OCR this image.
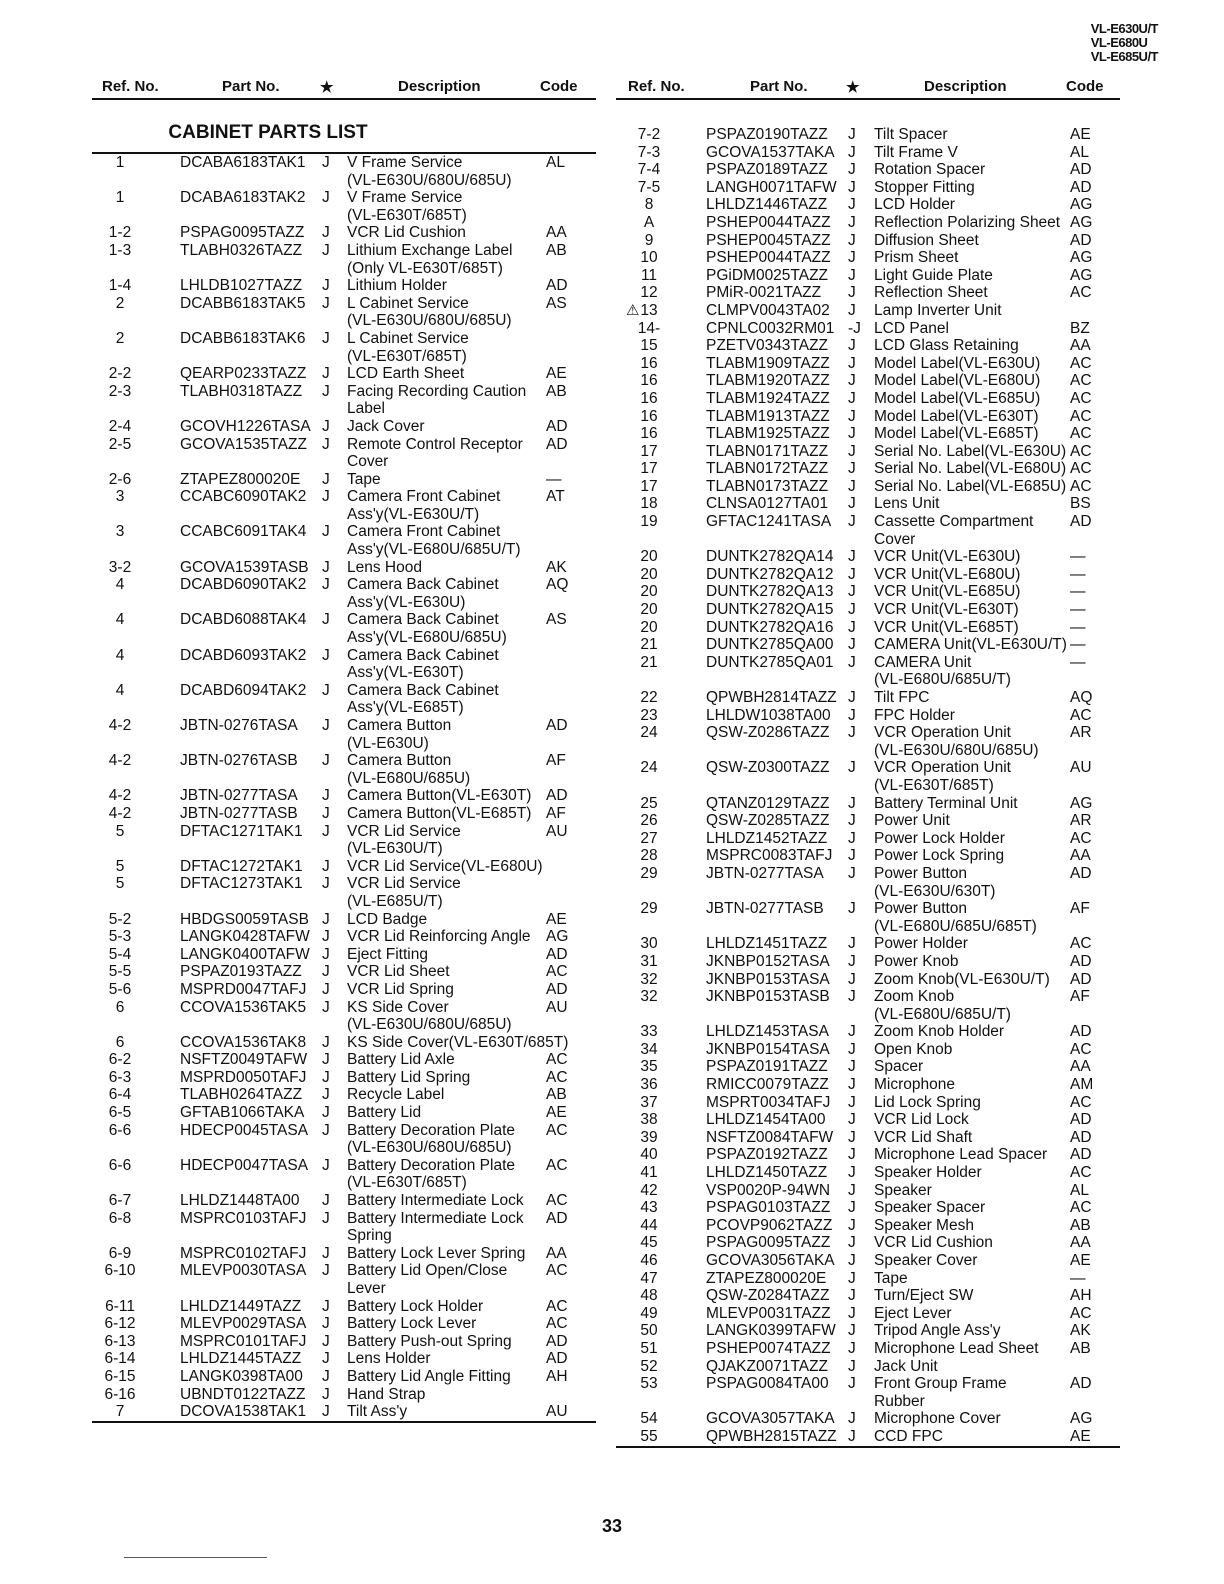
VL-E630U/T
VL-E680U
VL-E685U/T
Ref. No.	Part No.	★	Description	Code
CABINET PARTS LIST
1	DCABA6183TAK1 J V Frame Service	AL
(VL-E630U/680U/685U)
1	DCABA6183TAK2 J V Frame Service
(VL-E630T/685T)
1-2	PSPAG0095TAZZ J VCR Lid Cushion	AA
1-3	TLABH0326TAZZ J Lithium Exchange Label AB
(Only VL-E630T/685T)
1-4	LHLDB1027TAZZ J Lithium Holder	AD
2	DCABB6183TAK5 J L Cabinet Service	AS
(VL-E630U/680U/685U)
2	DCABB6183TAK6 J L Cabinet Service
(VL-E630T/685T)
2-2	QEARP0233TAZZ J LCD Earth Sheet	AE
2-3	TLABH0318TAZZ J Facing Recording Caution AB
Label
2-4	GCOVH1226TASA J Jack Cover	AD
2-5	GCOVA1535TAZZ J Remote Control Receptor AD
Cover
2-6	ZTAPEZ800020E J Tape	—
3	CCABC6090TAK2 J Camera Front Cabinet	AT
Ass'y(VL-E630U/T)
3	CCABC6091TAK4 J Camera Front Cabinet
Ass'y(VL-E680U/685U/T)
3-2	GCOVA1539TASB J Lens Hood	AK
4	DCABD6090TAK2 J Camera Back Cabinet	AQ
Ass'y(VL-E630U)
4	DCABD6088TAK4 J Camera Back Cabinet	AS
Ass'y(VL-E680U/685U)
4	DCABD6093TAK2 J Camera Back Cabinet
Ass'y(VL-E630T)
4	DCABD6094TAK2 J Camera Back Cabinet
Ass'y(VL-E685T)
4-2	JBTN-0276TASA J Camera Button	AD
(VL-E630U)
4-2	JBTN-0276TASB J Camera Button	AF
(VL-E680U/685U)
4-2	JBTN-0277TASA J Camera Button(VL-E630T) AD
4-2	JBTN-0277TASB J Camera Button(VL-E685T) AF
5	DFTAC1271TAK1 J VCR Lid Service	AU
(VL-E630U/T)
5	DFTAC1272TAK1 J VCR Lid Service(VL-E680U)
5	DFTAC1273TAK1 J VCR Lid Service
(VL-E685U/T)
5-2	HBDGS0059TASB J LCD Badge	AE
5-3	LANGK0428TAFW J VCR Lid Reinforcing Angle AG
5-4	LANGK0400TAFW J Eject Fitting	AD
5-5	PSPAZ0193TAZZ J VCR Lid Sheet	AC
5-6	MSPRD0047TAFJ J VCR Lid Spring	AD
6	CCOVA1536TAK5 J KS Side Cover	AU
(VL-E630U/680U/685U)
6	CCOVA1536TAK8 J KS Side Cover(VL-E630T/685T)
6-2	NSFTZ0049TAFW J Battery Lid Axle	AC
6-3	MSPRD0050TAFJ J Battery Lid Spring	AC
6-4	TLABH0264TAZZ J Recycle Label	AB
6-5	GFTAB1066TAKA J Battery Lid	AE
6-6	HDECP0045TASA J Battery Decoration Plate AC
(VL-E630U/680U/685U)
6-6	HDECP0047TASA J Battery Decoration Plate AC
(VL-E630T/685T)
6-7	LHLDZ1448TA00 J Battery Intermediate Lock AC
6-8	MSPRC0103TAFJ J Battery Intermediate Lock AD
Spring
6-9	MSPRC0102TAFJ J Battery Lock Lever Spring AA
6-10	MLEVP0030TASA J Battery Lid Open/Close AC
Lever
6-11	LHLDZ1449TAZZ J Battery Lock Holder	AC
6-12	MLEVP0029TASA J Battery Lock Lever	AC
6-13	MSPRC0101TAFJ J Battery Push-out Spring AD
6-14	LHLDZ1445TAZZ J Lens Holder	AD
6-15	LANGK0398TA00 J Battery Lid Angle Fitting AH
6-16	UBNDT0122TAZZ J Hand Strap
7	DCOVA1538TAK1 J Tilt Ass'y	AU
Ref. No.	Part No.	★	Description	Code
7-2	PSPAZ0190TAZZ J Tilt Spacer	AE
7-3	GCOVA1537TAKA J Tilt Frame V	AL
7-4	PSPAZ0189TAZZ J Rotation Spacer	AD
7-5	LANGH0071TAFW J Stopper Fitting	AD
8	LHLDZ1446TAZZ J LCD Holder	AG
A	PSHEP0044TAZZ J Reflection Polarizing Sheet AG
9	PSHEP0045TAZZ J Diffusion Sheet	AD
10	PSHEP0044TAZZ J Prism Sheet	AG
11	PGiDM0025TAZZ J Light Guide Plate	AG
12	PMiR-0021TAZZ J Reflection Sheet	AC
13	CLMPV0043TA02 J Lamp Inverter Unit
⚠
14-	CPNLC0032RM01 -J LCD Panel	BZ
15	PZETV0343TAZZ J LCD Glass Retaining	AA
16	TLABM1909TAZZ J Model Label(VL-E630U) AC
16	TLABM1920TAZZ J Model Label(VL-E680U) AC
16	TLABM1924TAZZ J Model Label(VL-E685U) AC
16	TLABM1913TAZZ J Model Label(VL-E630T) AC
16	TLABM1925TAZZ J Model Label(VL-E685T) AC
17	TLABN0171TAZZ J Serial No. Label(VL-E630U) AC
17	TLABN0172TAZZ J Serial No. Label(VL-E680U) AC
17	TLABN0173TAZZ J Serial No. Label(VL-E685U) AC
18	CLNSA0127TA01 J Lens Unit	BS
19	GFTAC1241TASA J Cassette Compartment AD
Cover
20	DUNTK2782QA14 J VCR Unit(VL-E630U)	—
20	DUNTK2782QA12 J VCR Unit(VL-E680U)	—
20	DUNTK2782QA13 J VCR Unit(VL-E685U)	—
20	DUNTK2782QA15 J VCR Unit(VL-E630T)	—
20	DUNTK2782QA16 J VCR Unit(VL-E685T)	—
21	DUNTK2785QA00 J CAMERA Unit(VL-E630U/T) —
21	DUNTK2785QA01 J CAMERA Unit	—
(VL-E680U/685U/T)
22	QPWBH2814TAZZ J Tilt FPC	AQ
23	LHLDW1038TA00 J FPC Holder	AC
24	QSW-Z0286TAZZ J VCR Operation Unit	AR
(VL-E630U/680U/685U)
24	QSW-Z0300TAZZ J VCR Operation Unit	AU
(VL-E630T/685T)
25	QTANZ0129TAZZ J Battery Terminal Unit	AG
26	QSW-Z0285TAZZ J Power Unit	AR
27	LHLDZ1452TAZZ J Power Lock Holder	AC
28	MSPRC0083TAFJ J Power Lock Spring	AA
29	JBTN-0277TASA J Power Button	AD
(VL-E630U/630T)
29	JBTN-0277TASB J Power Button	AF
(VL-E680U/685U/685T)
30	LHLDZ1451TAZZ J Power Holder	AC
31	JKNBP0152TASA J Power Knob	AD
32	JKNBP0153TASA J Zoom Knob(VL-E630U/T) AD
32	JKNBP0153TASB J Zoom Knob	AF
(VL-E680U/685U/T)
33	LHLDZ1453TASA J Zoom Knob Holder	AD
34	JKNBP0154TASA J Open Knob	AC
35	PSPAZ0191TAZZ J Spacer	AA
36	RMICC0079TAZZ J Microphone	AM
37	MSPRT0034TAFJ J Lid Lock Spring	AC
38	LHLDZ1454TA00 J VCR Lid Lock	AD
39	NSFTZ0084TAFW J VCR Lid Shaft	AD
40	PSPAZ0192TAZZ J Microphone Lead Spacer AD
41	LHLDZ1450TAZZ J Speaker Holder	AC
42	VSP0020P-94WN J Speaker	AL
43	PSPAG0103TAZZ J Speaker Spacer	AC
44	PCOVP9062TAZZ J Speaker Mesh	AB
45	PSPAG0095TAZZ J VCR Lid Cushion	AA
46	GCOVA3056TAKA J Speaker Cover	AE
47	ZTAPEZ800020E J Tape	—
48	QSW-Z0284TAZZ J Turn/Eject SW	AH
49	MLEVP0031TAZZ J Eject Lever	AC
50	LANGK0399TAFW J Tripod Angle Ass'y	AK
51	PSHEP0074TAZZ J Microphone Lead Sheet AB
52	QJAKZ0071TAZZ J Jack Unit
53	PSPAG0084TA00 J Front Group Frame	AD
Rubber
54	GCOVA3057TAKA J Microphone Cover	AG
55	QPWBH2815TAZZ J CCD FPC	AE
33
